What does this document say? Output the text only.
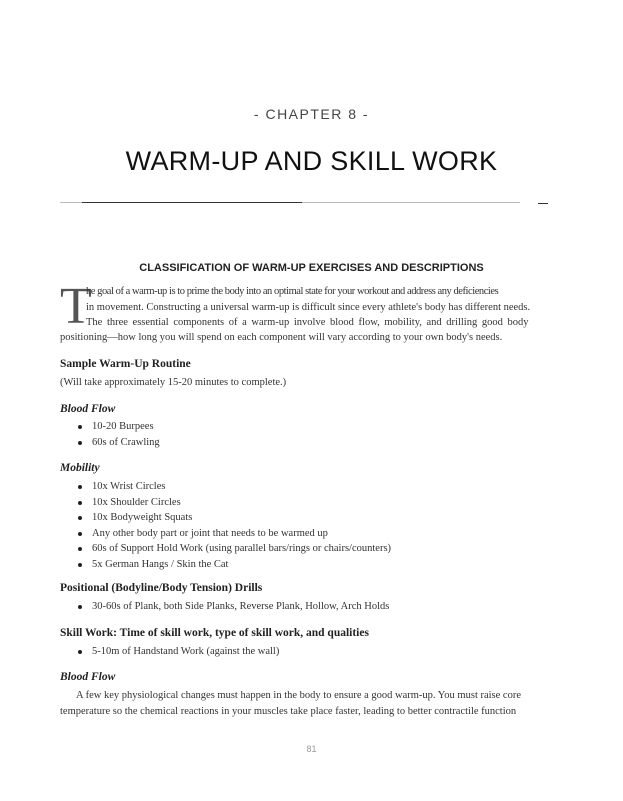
- CHAPTER 8 -
WARM-UP AND SKILL WORK
CLASSIFICATION OF WARM-UP EXERCISES AND DESCRIPTIONS
T
he goal of a warm-up is to prime the body into an optimal state for your workout and address any deficiencies
in movement. Constructing a universal warm-up is difficult since every athlete's body has different needs.
The three essential components of a warm-up involve blood flow, mobility, and drilling good body
positioning—how long you will spend on each component will vary according to your own body's needs.
Sample Warm-Up Routine
(Will take approximately 15-20 minutes to complete.)
Blood Flow
10-20 Burpees
60s of Crawling
Mobility
10x Wrist Circles
10x Shoulder Circles
10x Bodyweight Squats
Any other body part or joint that needs to be warmed up
60s of Support Hold Work (using parallel bars/rings or chairs/counters)
5x German Hangs / Skin the Cat
Positional (Bodyline/Body Tension) Drills
30-60s of Plank, both Side Planks, Reverse Plank, Hollow, Arch Holds
Skill Work: Time of skill work, type of skill work, and qualities
5-10m of Handstand Work (against the wall)
Blood Flow
A few key physiological changes must happen in the body to ensure a good warm-up. You must raise core
temperature so the chemical reactions in your muscles take place faster, leading to better contractile function
81
